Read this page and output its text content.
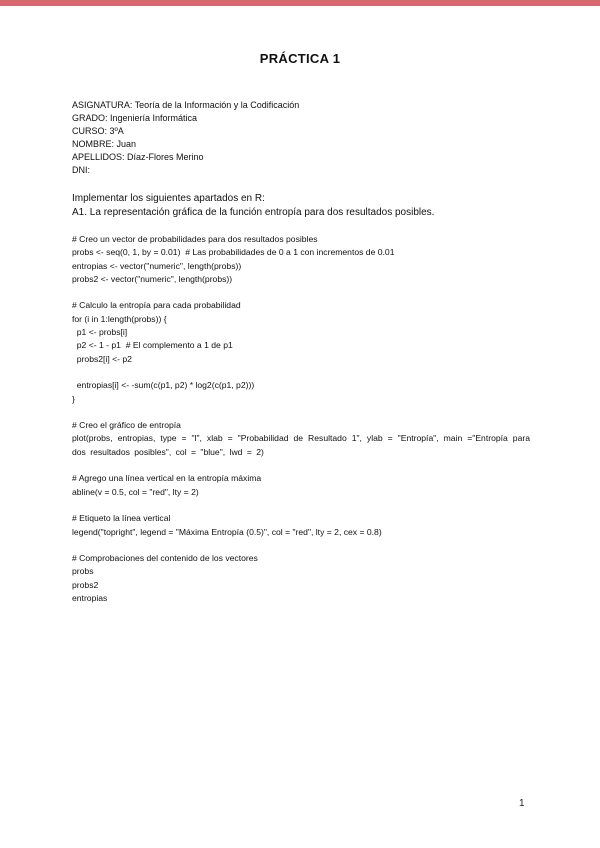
PRÁCTICA 1
ASIGNATURA: Teoría de la Información y la Codificación
GRADO: Ingeniería Informática
CURSO: 3ºA
NOMBRE: Juan
APELLIDOS: Díaz-Flores Merino
DNI:
Implementar los siguientes apartados en R:
A1. La representación gráfica de la función entropía para dos resultados posibles.
# Creo un vector de probabilidades para dos resultados posibles
probs <- seq(0, 1, by = 0.01)  # Las probabilidades de 0 a 1 con incrementos de 0.01
entropias <- vector("numeric", length(probs))
probs2 <- vector("numeric", length(probs))
# Calculo la entropía para cada probabilidad
for (i in 1:length(probs)) {
p1 <- probs[i]
p2 <- 1 - p1  # El complemento a 1 de p1
probs2[i] <- p2
entropias[i] <- -sum(c(p1, p2) * log2(c(p1, p2)))
}
# Creo el gráfico de entropía
plot(probs, entropias, type = "l", xlab = "Probabilidad de Resultado 1", ylab = "Entropía", main ="Entropía para dos resultados posibles", col = "blue", lwd = 2)
# Agrego una línea vertical en la entropía máxima
abline(v = 0.5, col = "red", lty = 2)
# Etiqueto la línea vertical
legend("topright", legend = "Máxima Entropía (0.5)", col = "red", lty = 2, cex = 0.8)
# Comprobaciones del contenido de los vectores
probs
probs2
entropias
1
